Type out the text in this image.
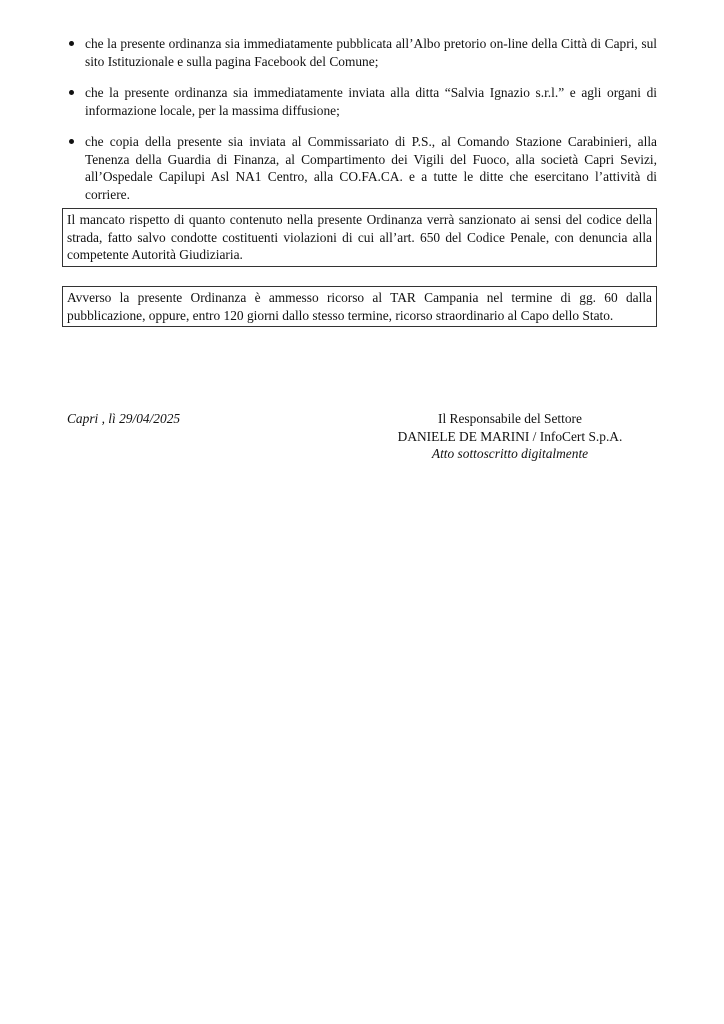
che la presente ordinanza sia immediatamente pubblicata all’Albo pretorio on-line della Città di Capri, sul sito Istituzionale e sulla pagina Facebook del Comune;
che la presente ordinanza sia immediatamente inviata alla ditta “Salvia Ignazio s.r.l.” e agli organi di informazione locale, per la massima diffusione;
che copia della presente sia inviata al Commissariato di P.S., al Comando Stazione Carabinieri, alla Tenenza della Guardia di Finanza, al Compartimento dei Vigili del Fuoco, alla società Capri Sevizi, all’Ospedale Capilupi Asl NA1 Centro, alla CO.FA.CA. e a tutte le ditte che esercitano l’attività di corriere.
Il mancato rispetto di quanto contenuto nella presente Ordinanza verrà sanzionato ai sensi del codice della strada, fatto salvo condotte costituenti violazioni di cui all’art. 650 del Codice Penale, con denuncia alla competente Autorità Giudiziaria.
Avverso la presente Ordinanza è ammesso ricorso al TAR Campania nel termine di gg. 60 dalla pubblicazione, oppure, entro 120 giorni dallo stesso termine, ricorso straordinario al Capo dello Stato.
Capri , lì 29/04/2025	Il Responsabile del Settore
DANIELE DE MARINI / InfoCert S.p.A.
Atto sottoscritto digitalmente
